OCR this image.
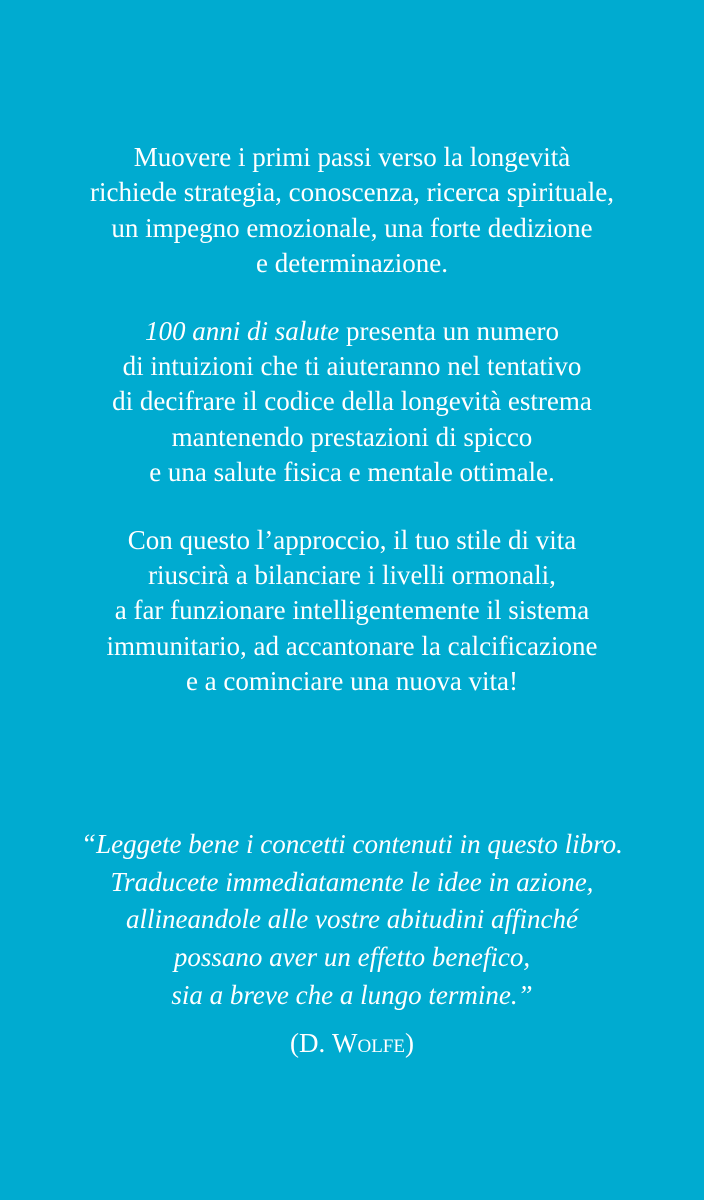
Muovere i primi passi verso la longevità
richiede strategia, conoscenza, ricerca spirituale,
un impegno emozionale, una forte dedizione
e determinazione.

100 anni di salute presenta un numero
di intuizioni che ti aiuteranno nel tentativo
di decifrare il codice della longevità estrema
mantenendo prestazioni di spicco
e una salute fisica e mentale ottimale.

Con questo l’approccio, il tuo stile di vita
riuscirà a bilanciare i livelli ormonali,
a far funzionare intelligentemente il sistema
immunitario, ad accantonare la calcificazione
e a cominciare una nuova vita!

“Leggete bene i concetti contenuti in questo libro.
Traducete immediatamente le idee in azione,
allineandole alle vostre abitudini affinché
possano aver un effetto benefico,
sia a breve che a lungo termine.”
(D. Wolfe)
